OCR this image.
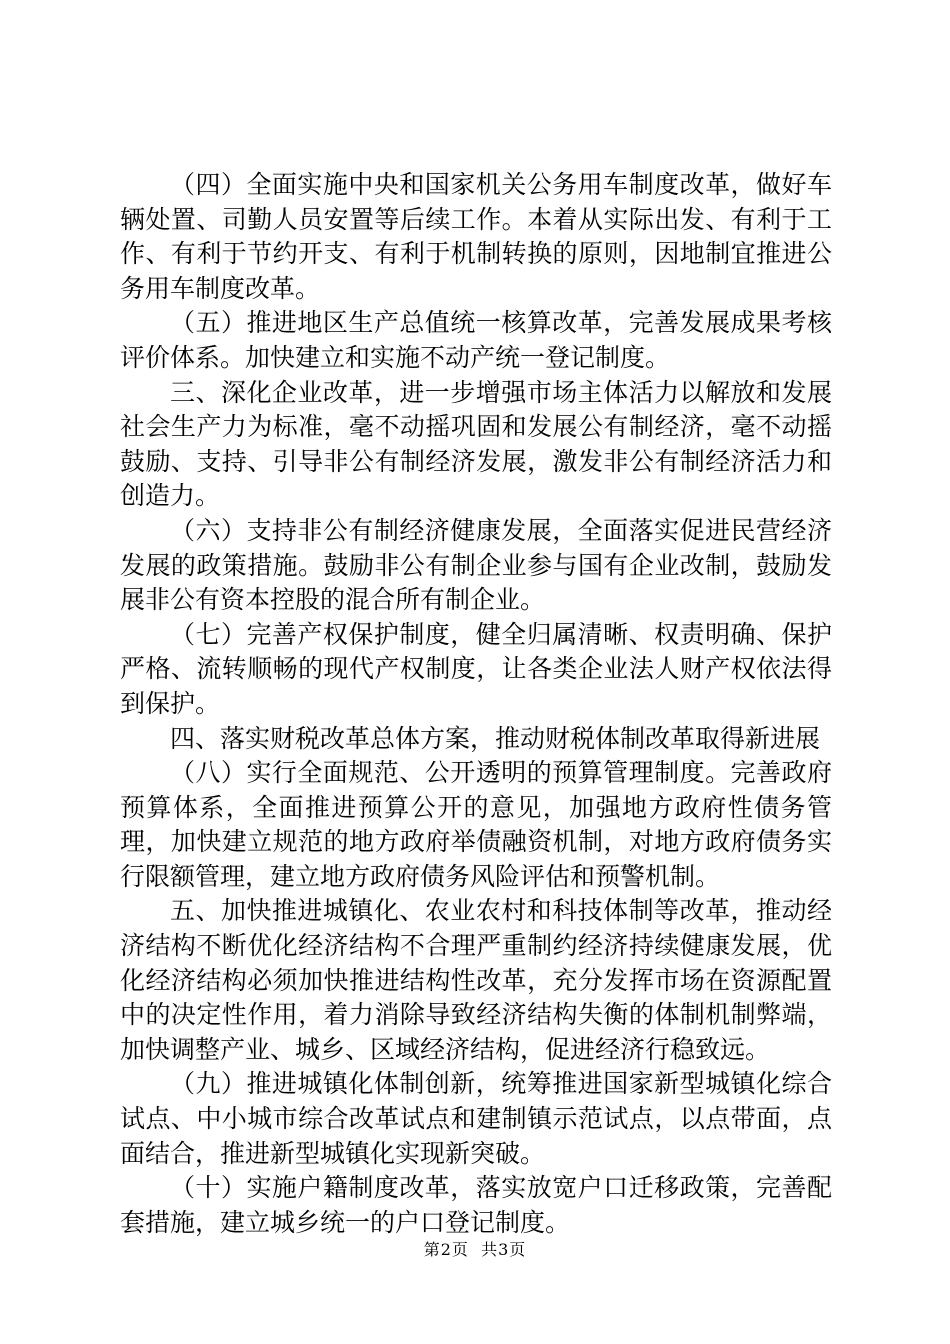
（四）全面实施中央和国家机关公务用车制度改革，做好车辆处置、司勤人员安置等后续工作。本着从实际出发、有利于工作、有利于节约开支、有利于机制转换的原则，因地制宜推进公务用车制度改革。

（五）推进地区生产总值统一核算改革，完善发展成果考核评价体系。加快建立和实施不动产统一登记制度。

三、深化企业改革，进一步增强市场主体活力以解放和发展社会生产力为标准，毫不动摇巩固和发展公有制经济，毫不动摇鼓励、支持、引导非公有制经济发展，激发非公有制经济活力和创造力。

（六）支持非公有制经济健康发展，全面落实促进民营经济发展的政策措施。鼓励非公有制企业参与国有企业改制，鼓励发展非公有资本控股的混合所有制企业。

（七）完善产权保护制度，健全归属清晰、权责明确、保护严格、流转顺畅的现代产权制度，让各类企业法人财产权依法得到保护。

四、落实财税改革总体方案，推动财税体制改革取得新进展

（八）实行全面规范、公开透明的预算管理制度。完善政府预算体系，全面推进预算公开的意见，加强地方政府性债务管理，加快建立规范的地方政府举债融资机制，对地方政府债务实行限额管理，建立地方政府债务风险评估和预警机制。

五、加快推进城镇化、农业农村和科技体制等改革，推动经济结构不断优化经济结构不合理严重制约经济持续健康发展，优化经济结构必须加快推进结构性改革，充分发挥市场在资源配置中的决定性作用，着力消除导致经济结构失衡的体制机制弊端，加快调整产业、城乡、区域经济结构，促进经济行稳致远。

（九）推进城镇化体制创新，统筹推进国家新型城镇化综合试点、中小城市综合改革试点和建制镇示范试点，以点带面，点面结合，推进新型城镇化实现新突破。

（十）实施户籍制度改革，落实放宽户口迁移政策，完善配套措施，建立城乡统一的户口登记制度。

第2页 共3页
